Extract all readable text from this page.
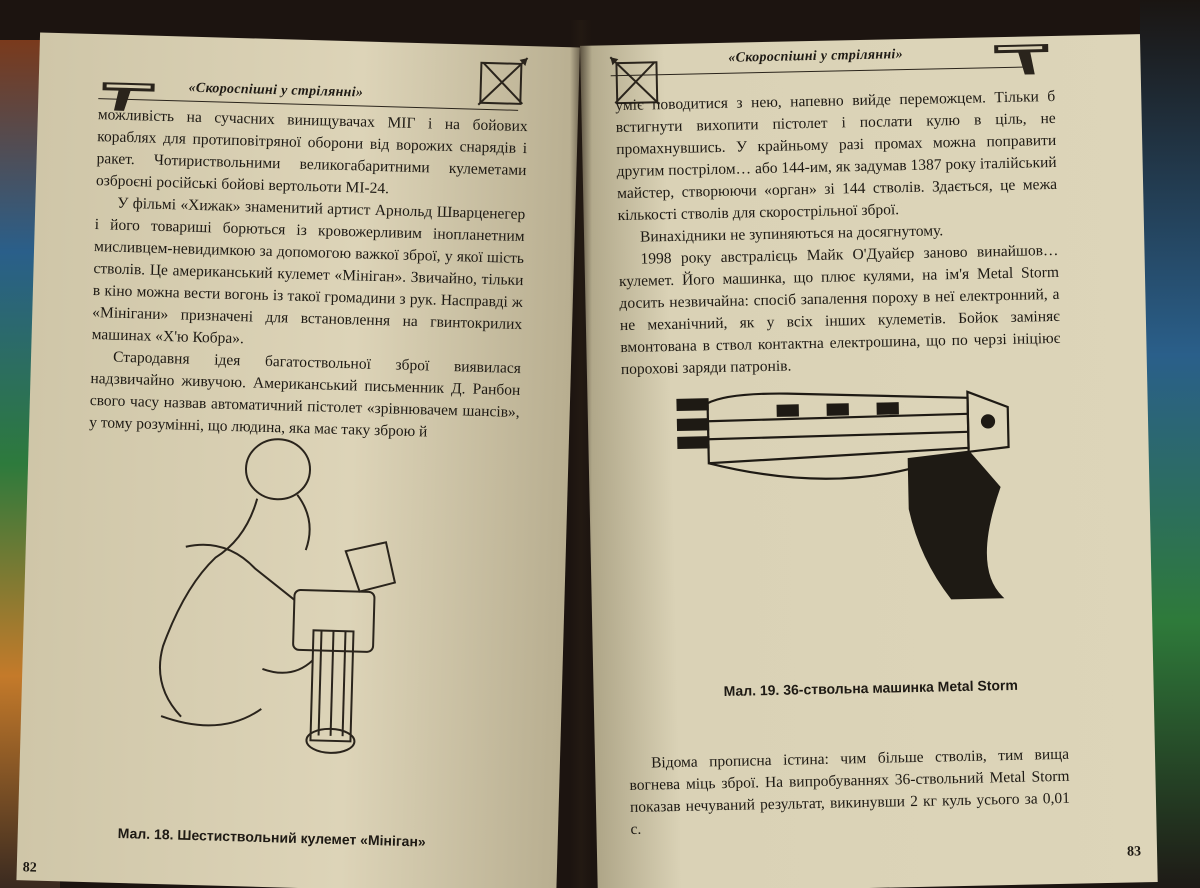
«Скороспішні у стрілянні»

можливість на сучасних винищувачах МІГ і на бойових кораблях для протиповітряної оборони від ворожих снарядів і ракет. Чотириствольними великогабаритними кулеметами озброєні російські бойові вертольоти МІ-24.

У фільмі «Хижак» знаменитий артист Арнольд Шварценегер і його товариші борються із кровожерливим інопланетним мисливцем-невидимкою за допомогою важкої зброї, у якої шість стволів. Це американський кулемет «Мініган». Звичайно, тільки в кіно можна вести вогонь із такої громадини з рук. Насправді ж «Мінігани» призначені для встановлення на гвинтокрилих машинах «Х'ю Кобра».

Стародавня ідея багатоствольної зброї виявилася надзвичайно живучою. Американський письменник Д. Ранбон свого часу назвав автоматичний пістолет «зрівнювачем шансів», у тому розумінні, що людина, яка має таку зброю й

Мал. 18. Шестиствольний кулемет «Мініган»
82
«Скороспішні у стрілянні»

уміє поводитися з нею, напевно вийде переможцем. Тільки б встигнути вихопити пістолет і послати кулю в ціль, не промахнувшись. У крайньому разі промах можна поправити другим пострілом… або 144-им, як задумав 1387 року італійський майстер, створюючи «орган» зі 144 стволів. Здається, це межа кількості стволів для скорострільної зброї.

Винахідники не зупиняються на досягнутому.

1998 року австралієць Майк О'Дуайєр заново винайшов… кулемет. Його машинка, що плює кулями, на ім'я Metal Storm досить незвичайна: спосіб запалення пороху в неї електронний, а не механічний, як у всіх інших кулеметів. Бойок заміняє вмонтована в ствол контактна електрошина, що по черзі ініціює порохові заряди патронів.

Мал. 19. 36-ствольна машинка Metal Storm

Відома прописна істина: чим більше стволів, тим вища вогнева міць зброї. На випробуваннях 36-ствольний Metal Storm показав нечуваний результат, викинувши 2 кг куль усього за 0,01 с.

83
